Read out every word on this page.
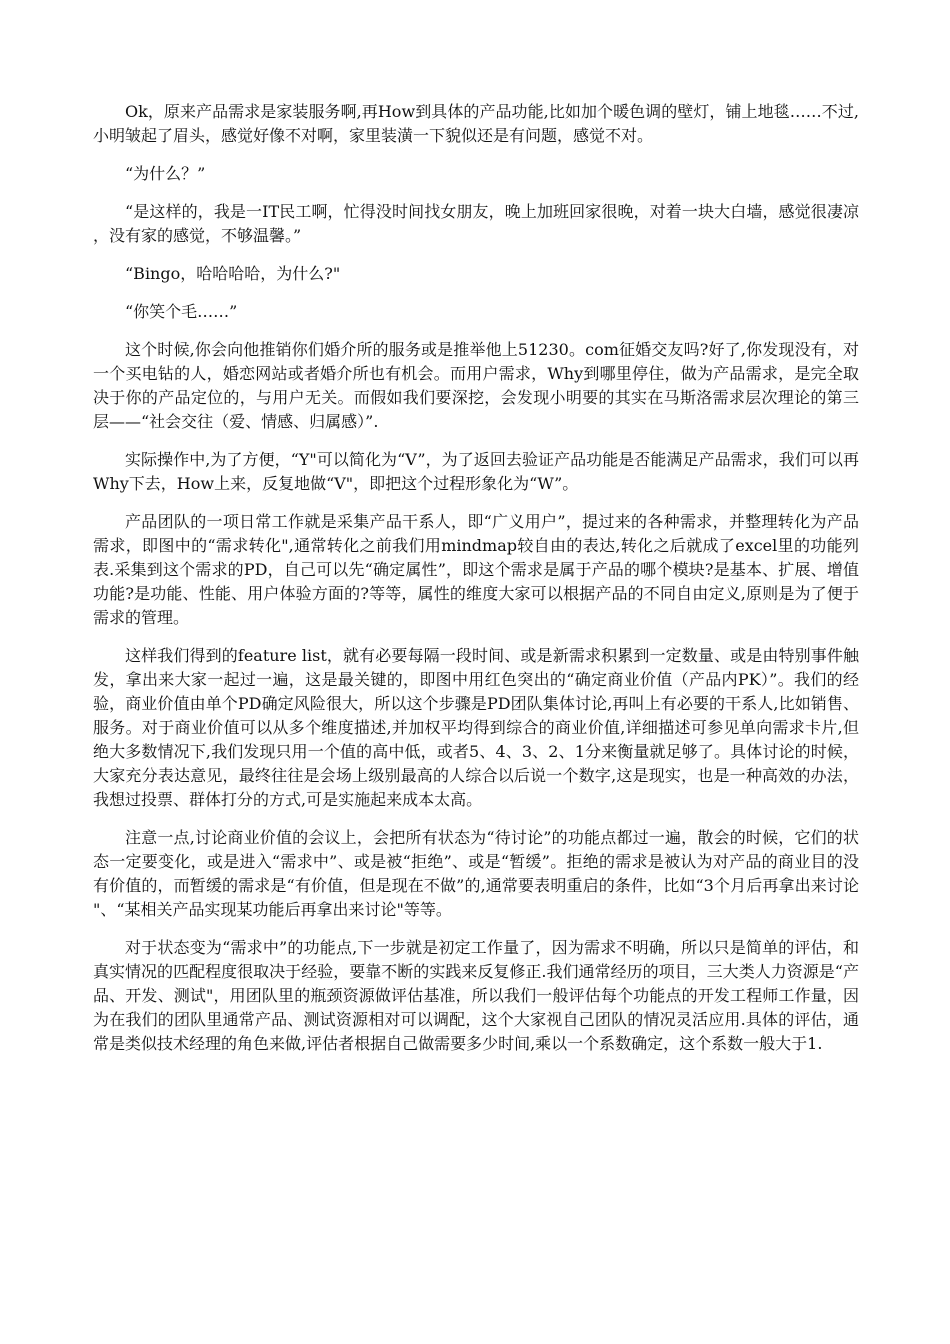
Ok，原来产品需求是家装服务啊,再How到具体的产品功能,比如加个暖色调的壁灯，铺上地毯……不过,小明皱起了眉头，感觉好像不对啊，家里装潢一下貌似还是有问题，感觉不对。

“为什么？”

“是这样的，我是一IT民工啊，忙得没时间找女朋友，晚上加班回家很晚，对着一块大白墙，感觉很凄凉，没有家的感觉，不够温馨。”

“Bingo，哈哈哈哈，为什么?"

“你笑个毛……”

这个时候,你会向他推销你们婚介所的服务或是推举他上51230。com征婚交友吗?好了,你发现没有，对一个买电钻的人，婚恋网站或者婚介所也有机会。而用户需求，Why到哪里停住，做为产品需求，是完全取决于你的产品定位的，与用户无关。而假如我们要深挖，会发现小明要的其实在马斯洛需求层次理论的第三层——“社会交往（爱、情感、归属感）”.

实际操作中,为了方便，“Y"可以简化为“V”，为了返回去验证产品功能是否能满足产品需求，我们可以再Why下去，How上来，反复地做“V"，即把这个过程形象化为“W”。

产品团队的一项日常工作就是采集产品干系人，即“广义用户”，提过来的各种需求，并整理转化为产品需求，即图中的“需求转化",通常转化之前我们用mindmap较自由的表达,转化之后就成了excel里的功能列表.采集到这个需求的PD，自己可以先“确定属性”，即这个需求是属于产品的哪个模块?是基本、扩展、增值功能?是功能、性能、用户体验方面的?等等，属性的维度大家可以根据产品的不同自由定义,原则是为了便于需求的管理。

这样我们得到的feature list，就有必要每隔一段时间、或是新需求积累到一定数量、或是由特别事件触发，拿出来大家一起过一遍，这是最关键的，即图中用红色突出的“确定商业价值（产品内PK）”。我们的经验，商业价值由单个PD确定风险很大，所以这个步骤是PD团队集体讨论,再叫上有必要的干系人,比如销售、服务。对于商业价值可以从多个维度描述,并加权平均得到综合的商业价值,详细描述可参见单向需求卡片,但绝大多数情况下,我们发现只用一个值的高中低，或者5、4、3、2、1分来衡量就足够了。具体讨论的时候，大家充分表达意见，最终往往是会场上级别最高的人综合以后说一个数字,这是现实，也是一种高效的办法，我想过投票、群体打分的方式,可是实施起来成本太高。

注意一点,讨论商业价值的会议上，会把所有状态为“待讨论”的功能点都过一遍，散会的时候，它们的状态一定要变化，或是进入“需求中”、或是被“拒绝”、或是“暂缓”。拒绝的需求是被认为对产品的商业目的没有价值的，而暂缓的需求是“有价值，但是现在不做”的,通常要表明重启的条件，比如“3个月后再拿出来讨论"、“某相关产品实现某功能后再拿出来讨论"等等。

对于状态变为“需求中”的功能点,下一步就是初定工作量了，因为需求不明确，所以只是简单的评估，和真实情况的匹配程度很取决于经验，要靠不断的实践来反复修正.我们通常经历的项目，三大类人力资源是“产品、开发、测试"，用团队里的瓶颈资源做评估基准，所以我们一般评估每个功能点的开发工程师工作量，因为在我们的团队里通常产品、测试资源相对可以调配，这个大家视自己团队的情况灵活应用.具体的评估，通常是类似技术经理的角色来做,评估者根据自己做需要多少时间,乘以一个系数确定，这个系数一般大于1.
